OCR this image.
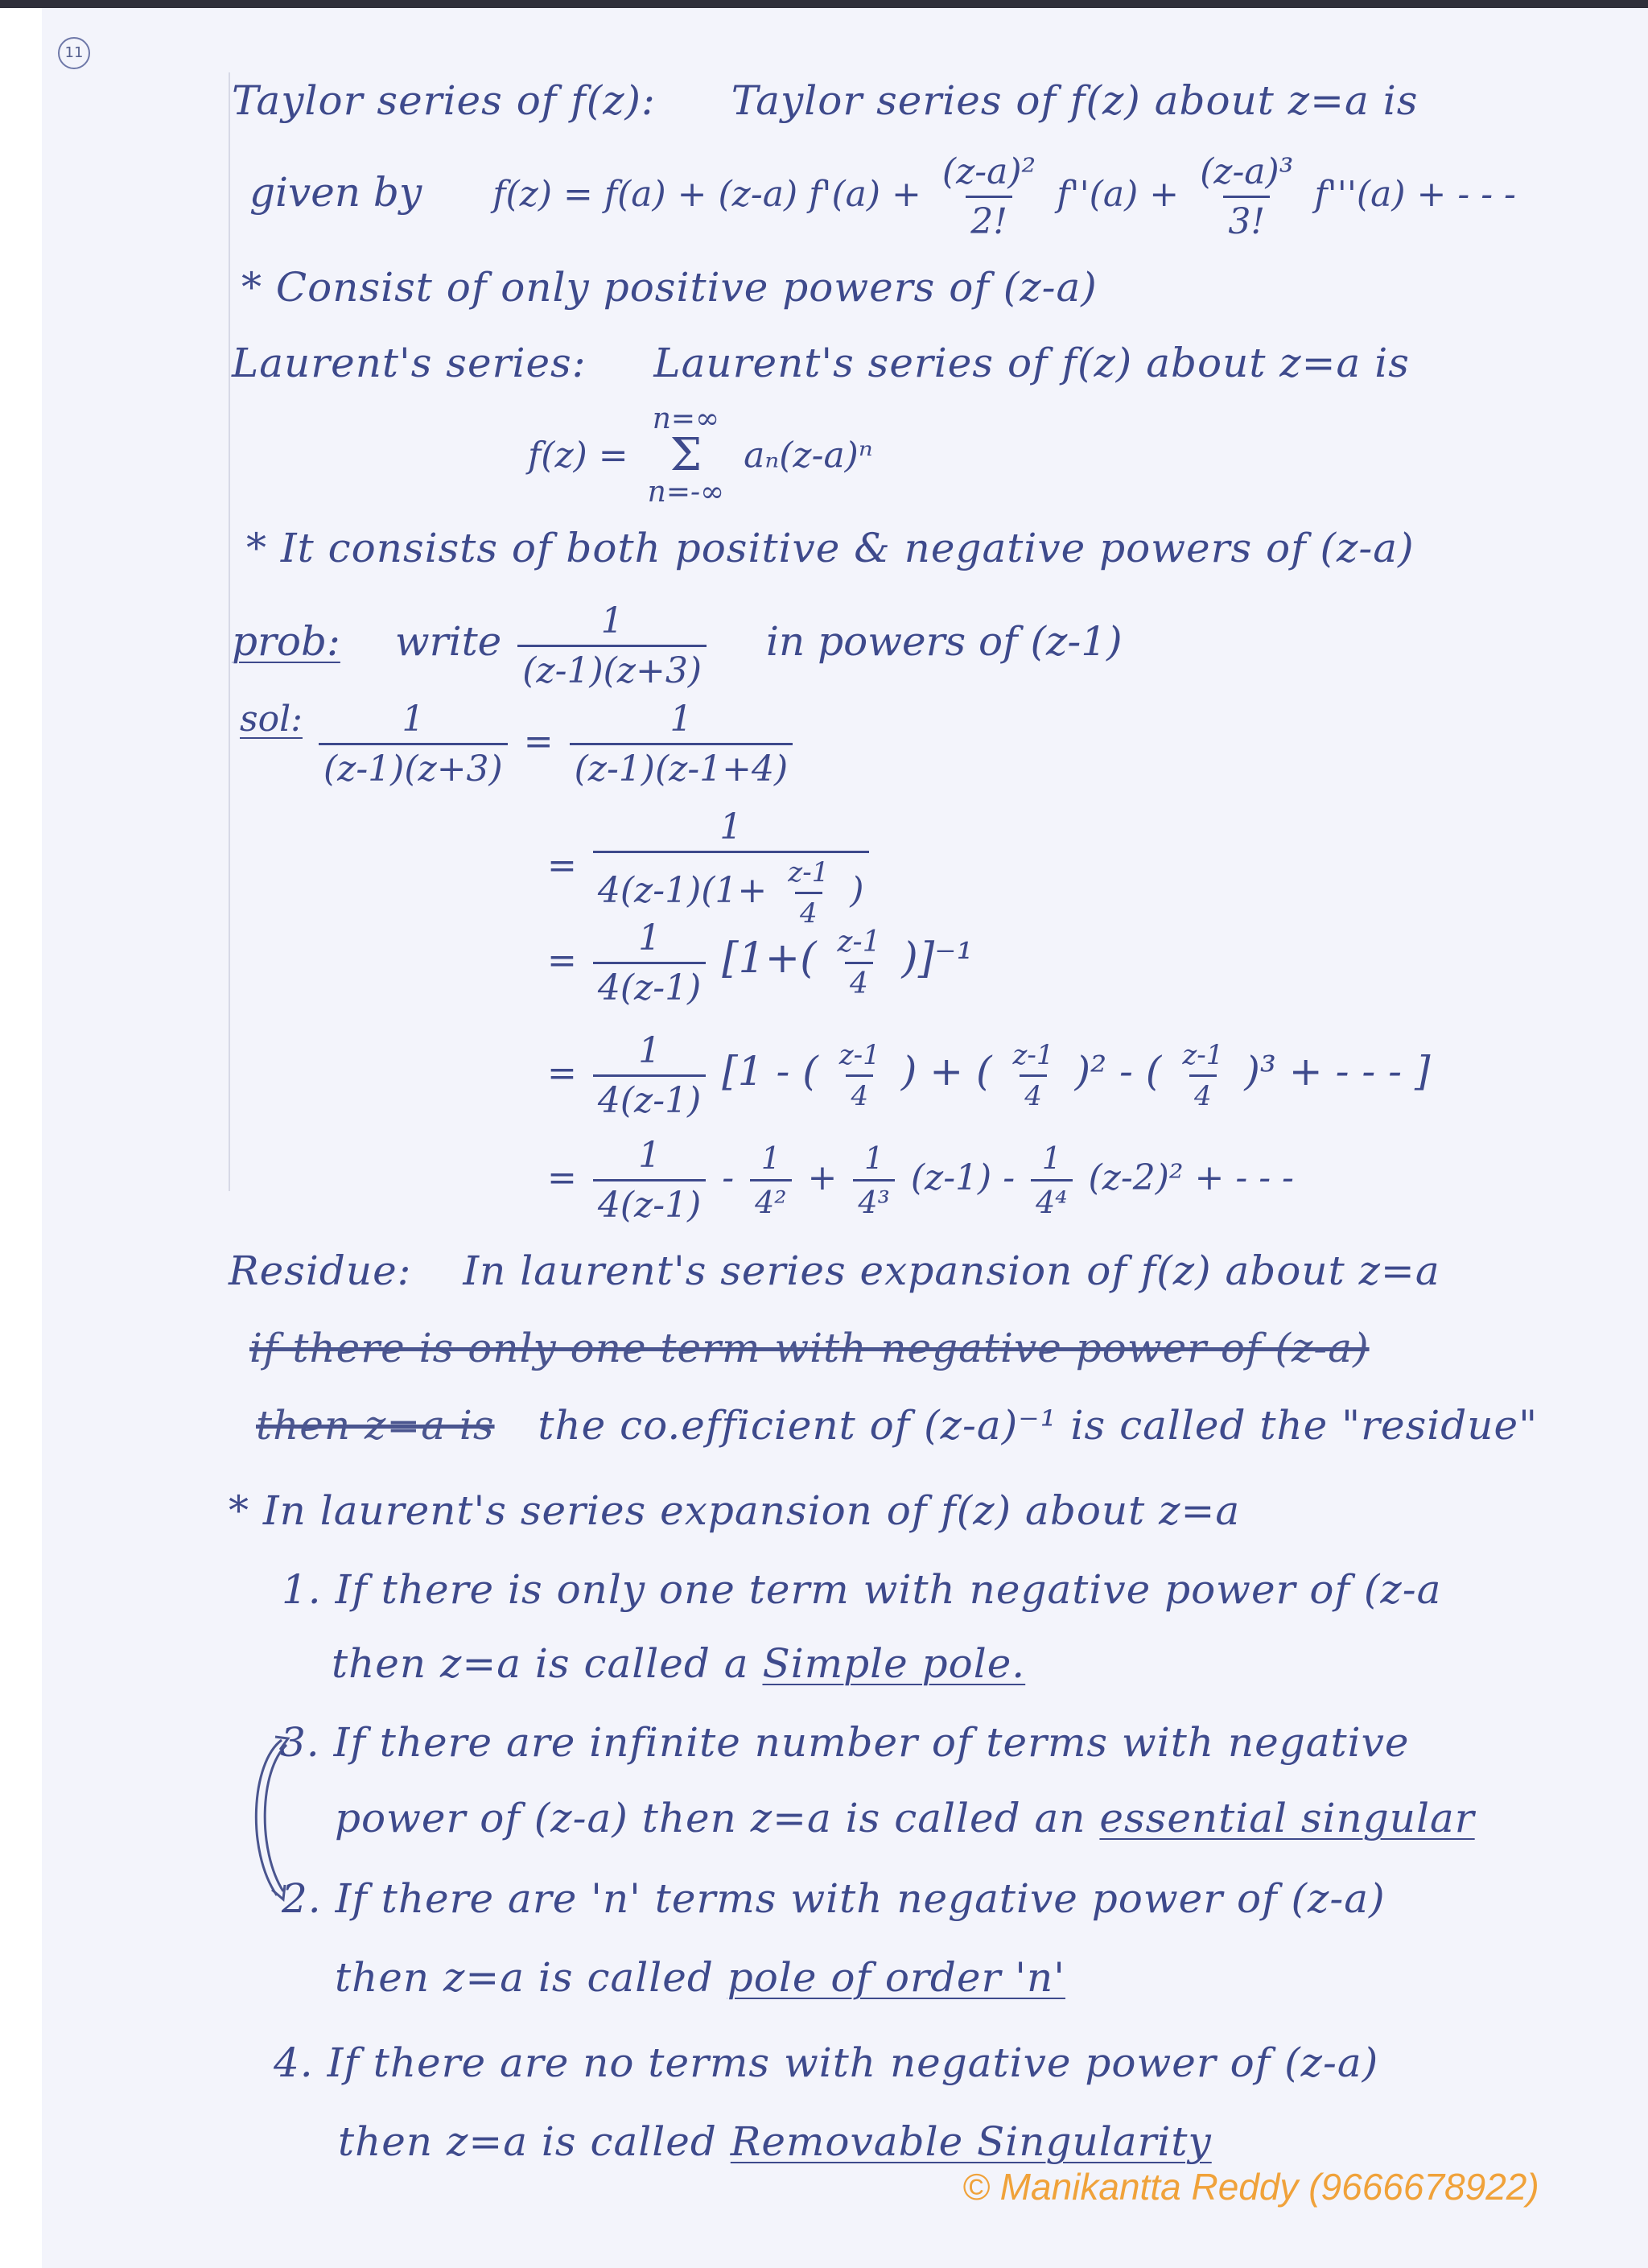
11
Taylor series of f(z): Taylor series of f(z) about z=a is
given by f(z) = f(a) + (z-a) $f'(a) + \frac{\text{(z-a)²}}{2!} f''(a) + \frac{\text{(z-a)³}}{3!} f'''(a)$ + - - -
* Consist of only positive powers of (z-a)
Laurent's series: Laurent's series of f(z) about z=a is
f(z) =
n=∞
Σ
n=-∞
aₙ(z-a)ⁿ
* It consists of both positive & negative powers of (z-a)
prob: write $\frac{1}{(z-1)(z+3)}$ in powers of (z-1)
sol: $\frac{1}{(z-1)(z+3)} = \frac{1}{(z-1)(z-1+4)}$
= $\frac{1}{4(z-1)(1+ \frac{z-1}{4} )}$
= $\frac{1}{4(z-1)} [1+( \frac{z-1}{4} )]^{-1}$
= $\frac{1}{4(z-1)} [1$ - ( $\frac{z-1}{4}$ ) + ( $\frac{z-1}{4} )^2$ - ( $\frac{z-1}{4} )^3$ + - - - ]
= $\frac{1}{4(z-1)} - \frac{1}{\text{4²}} + \frac{1}{\text{4³}} (z-1) - \frac{1}{\text{4⁴}} (z-2)^2$ + - - -
Residue: In laurent's series expansion of f(z) about z=a
if there is only one term with negative power of (z-a)
then z=a is the co.efficient of (z-a)⁻¹ is called the "residue"
* In laurent's series expansion of f(z) about z=a
1. If there is only one term with negative power of (z-a
then z=a is called a Simple pole.
3. If there are infinite number of terms with negative
power of (z-a) then z=a is called an essential singular
2. If there are 'n' terms with negative power of (z-a)
then z=a is called pole of order 'n'
4. If there are no terms with negative power of (z-a)
then z=a is called Removable Singularity
© Manikantta Reddy (9666678922)
